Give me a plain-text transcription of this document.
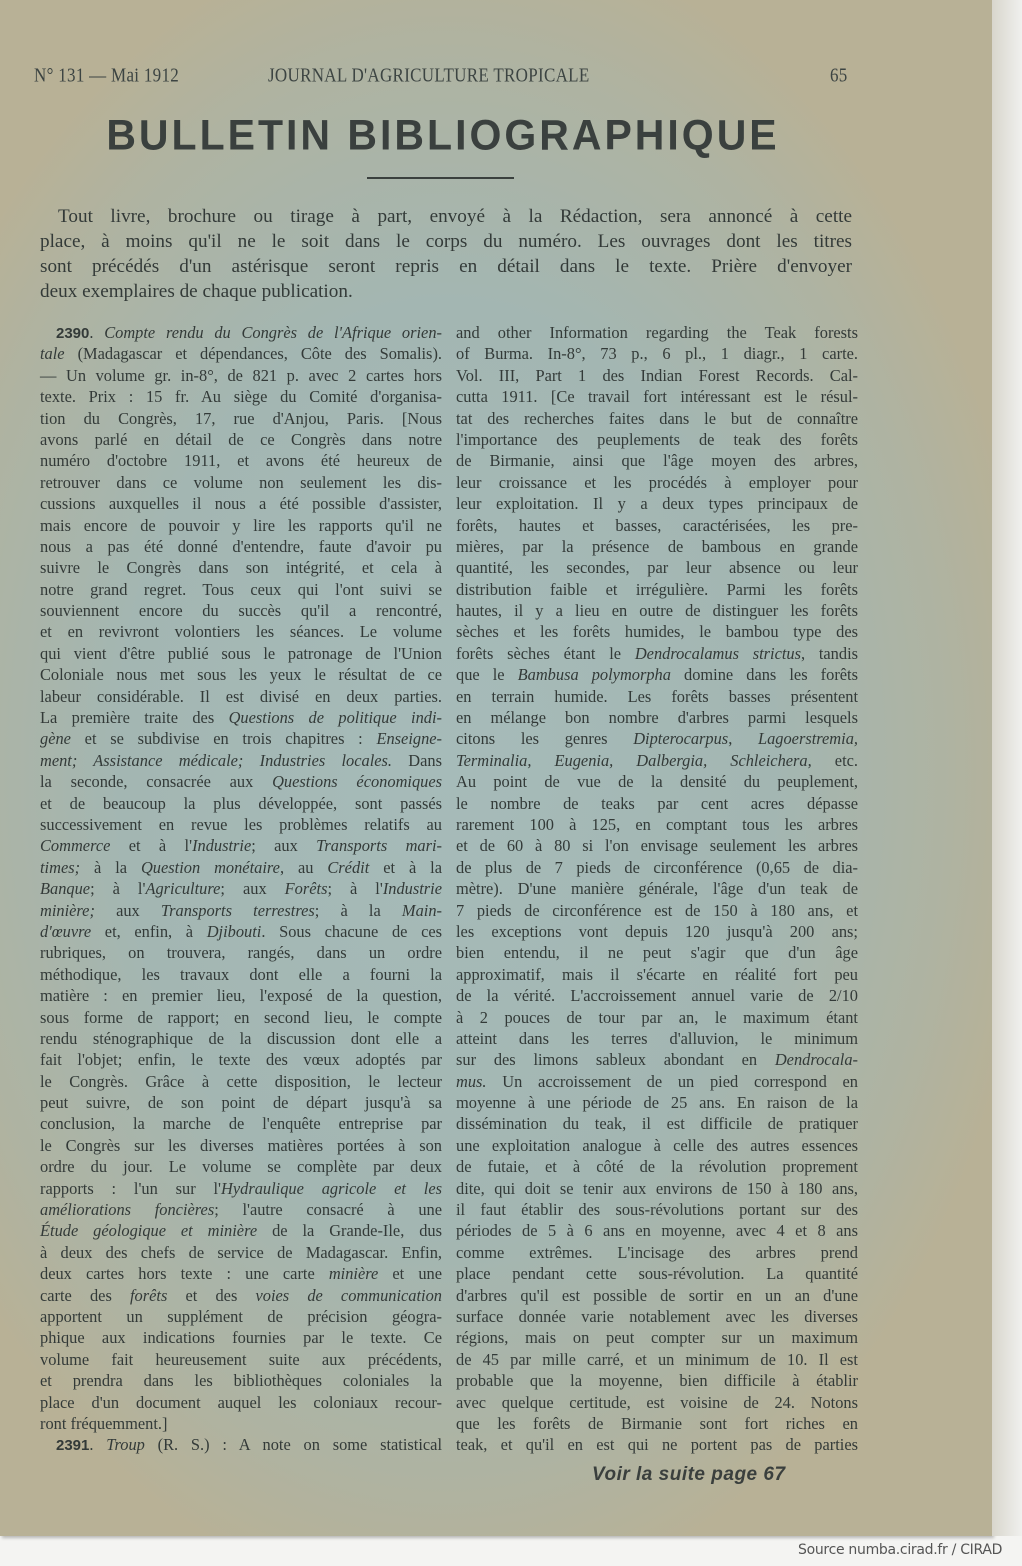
N° 131 — Mai 1912	JOURNAL D'AGRICULTURE TROPICALE	65
BULLETIN BIBLIOGRAPHIQUE
Tout livre, brochure ou tirage à part, envoyé à la Rédaction, sera annoncé à cette
place, à moins qu'il ne le soit dans le corps du numéro. Les ouvrages dont les titres
sont précédés d'un astérisque seront repris en détail dans le texte. Prière d'envoyer
deux exemplaires de chaque publication.
2390. Compte rendu du Congrès de l'Afrique orien-
tale (Madagascar et dépendances, Côte des Somalis).
— Un volume gr. in-8°, de 821 p. avec 2 cartes hors
texte. Prix : 15 fr. Au siège du Comité d'organisa-
tion du Congrès, 17, rue d'Anjou, Paris. [Nous
avons parlé en détail de ce Congrès dans notre
numéro d'octobre 1911, et avons été heureux de
retrouver dans ce volume non seulement les dis-
cussions auxquelles il nous a été possible d'assister,
mais encore de pouvoir y lire les rapports qu'il ne
nous a pas été donné d'entendre, faute d'avoir pu
suivre le Congrès dans son intégrité, et cela à
notre grand regret. Tous ceux qui l'ont suivi se
souviennent encore du succès qu'il a rencontré,
et en revivront volontiers les séances. Le volume
qui vient d'être publié sous le patronage de l'Union
Coloniale nous met sous les yeux le résultat de ce
labeur considérable. Il est divisé en deux parties.
La première traite des Questions de politique indi-
gène et se subdivise en trois chapitres : Enseigne-
ment; Assistance médicale; Industries locales. Dans
la seconde, consacrée aux Questions économiques
et de beaucoup la plus développée, sont passés
successivement en revue les problèmes relatifs au
Commerce et à l'Industrie; aux Transports mari-
times; à la Question monétaire, au Crédit et à la
Banque; à l'Agriculture; aux Forêts; à l'Industrie
minière; aux Transports terrestres; à la Main-
d'œuvre et, enfin, à Djibouti. Sous chacune de ces
rubriques, on trouvera, rangés, dans un ordre
méthodique, les travaux dont elle a fourni la
matière : en premier lieu, l'exposé de la question,
sous forme de rapport; en second lieu, le compte
rendu sténographique de la discussion dont elle a
fait l'objet; enfin, le texte des vœux adoptés par
le Congrès. Grâce à cette disposition, le lecteur
peut suivre, de son point de départ jusqu'à sa
conclusion, la marche de l'enquête entreprise par
le Congrès sur les diverses matières portées à son
ordre du jour. Le volume se complète par deux
rapports : l'un sur l'Hydraulique agricole et les
améliorations foncières; l'autre consacré à une
Étude géologique et minière de la Grande-Ile, dus
à deux des chefs de service de Madagascar. Enfin,
deux cartes hors texte : une carte minière et une
carte des forêts et des voies de communication
apportent un supplément de précision géogra-
phique aux indications fournies par le texte. Ce
volume fait heureusement suite aux précédents,
et prendra dans les bibliothèques coloniales la
place d'un document auquel les coloniaux recour-
ront fréquemment.]
2391. Troup (R. S.) : A note on some statistical
and other Information regarding the Teak forests
of Burma. In-8°, 73 p., 6 pl., 1 diagr., 1 carte.
Vol. III, Part 1 des Indian Forest Records. Cal-
cutta 1911. [Ce travail fort intéressant est le résul-
tat des recherches faites dans le but de connaître
l'importance des peuplements de teak des forêts
de Birmanie, ainsi que l'âge moyen des arbres,
leur croissance et les procédés à employer pour
leur exploitation. Il y a deux types principaux de
forêts, hautes et basses, caractérisées, les pre-
mières, par la présence de bambous en grande
quantité, les secondes, par leur absence ou leur
distribution faible et irrégulière. Parmi les forêts
hautes, il y a lieu en outre de distinguer les forêts
sèches et les forêts humides, le bambou type des
forêts sèches étant le Dendrocalamus strictus, tandis
que le Bambusa polymorpha domine dans les forêts
en terrain humide. Les forêts basses présentent
en mélange bon nombre d'arbres parmi lesquels
citons les genres Dipterocarpus, Lagoerstremia,
Terminalia, Eugenia, Dalbergia, Schleichera, etc.
Au point de vue de la densité du peuplement,
le nombre de teaks par cent acres dépasse
rarement 100 à 125, en comptant tous les arbres
et de 60 à 80 si l'on envisage seulement les arbres
de plus de 7 pieds de circonférence (0,65 de dia-
mètre). D'une manière générale, l'âge d'un teak de
7 pieds de circonférence est de 150 à 180 ans, et
les exceptions vont depuis 120 jusqu'à 200 ans;
bien entendu, il ne peut s'agir que d'un âge
approximatif, mais il s'écarte en réalité fort peu
de la vérité. L'accroissement annuel varie de 2/10
à 2 pouces de tour par an, le maximum étant
atteint dans les terres d'alluvion, le minimum
sur des limons sableux abondant en Dendrocala-
mus. Un accroissement de un pied correspond en
moyenne à une période de 25 ans. En raison de la
dissémination du teak, il est difficile de pratiquer
une exploitation analogue à celle des autres essences
de futaie, et à côté de la révolution proprement
dite, qui doit se tenir aux environs de 150 à 180 ans,
il faut établir des sous-révolutions portant sur des
périodes de 5 à 6 ans en moyenne, avec 4 et 8 ans
comme extrêmes. L'incisage des arbres prend
place pendant cette sous-révolution. La quantité
d'arbres qu'il est possible de sortir en un an d'une
surface donnée varie notablement avec les diverses
régions, mais on peut compter sur un maximum
de 45 par mille carré, et un minimum de 10. Il est
probable que la moyenne, bien difficile à établir
avec quelque certitude, est voisine de 24. Notons
que les forêts de Birmanie sont fort riches en
teak, et qu'il en est qui ne portent pas de parties
Voir la suite page 67
Source numba.cirad.fr / CIRAD
